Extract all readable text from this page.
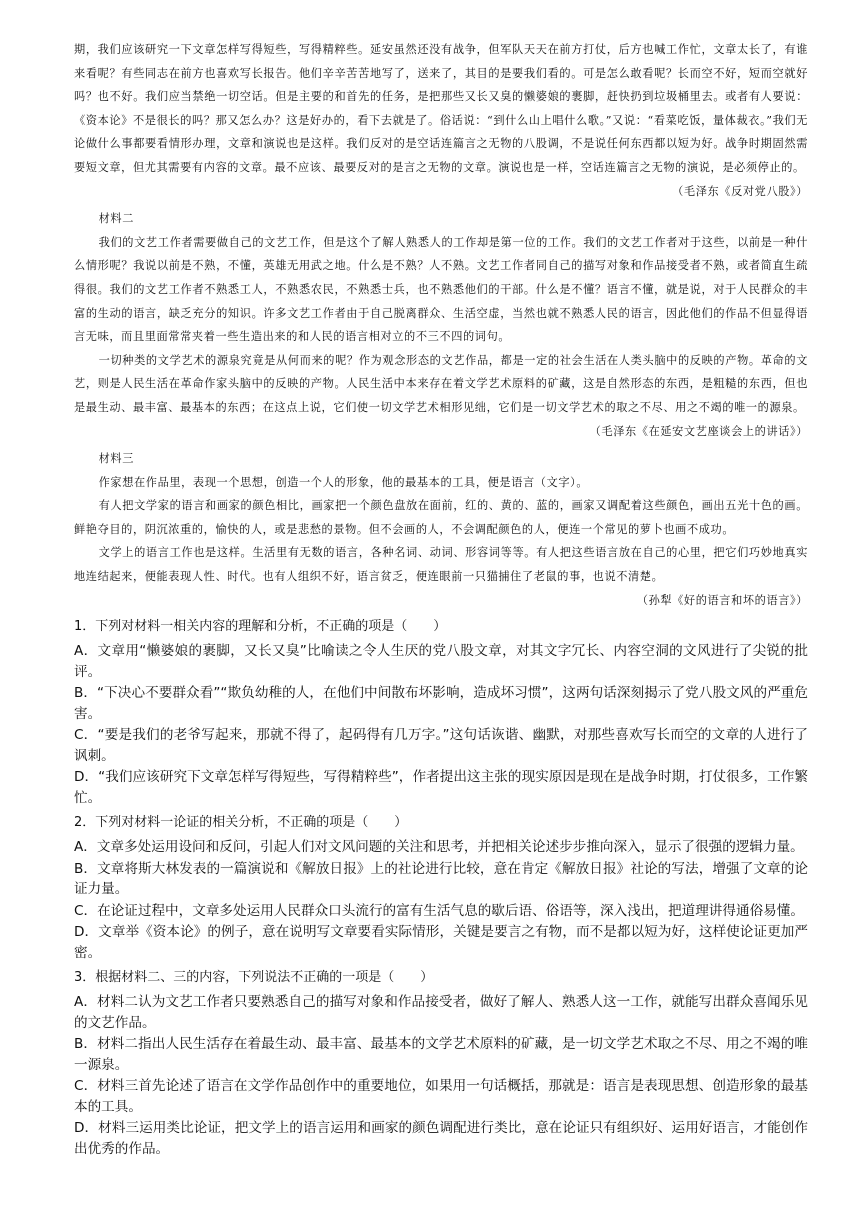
期，我们应该研究一下文章怎样写得短些，写得精粹些。延安虽然还没有战争，但军队天天在前方打仗，后方也喊工作忙，文章太长了，有谁来看呢？有些同志在前方也喜欢写长报告。他们辛辛苦苦地写了，送来了，其目的是要我们看的。可是怎么敢看呢？长而空不好，短而空就好吗？也不好。我们应当禁绝一切空话。但是主要的和首先的任务，是把那些又长又臭的懒婆娘的裹脚，赶快扔到垃圾桶里去。或者有人要说：《资本论》不是很长的吗？那又怎么办？这是好办的，看下去就是了。俗话说：“到什么山上唱什么歌。”又说：“看菜吃饭，量体裁衣。”我们无论做什么事都要看情形办理，文章和演说也是这样。我们反对的是空话连篇言之无物的八股调，不是说任何东西都以短为好。战争时期固然需要短文章，但尤其需要有内容的文章。最不应该、最要反对的是言之无物的文章。演说也是一样，空话连篇言之无物的演说，是必须停止的。

（毛泽东《反对党八股》）

材料二

我们的文艺工作者需要做自己的文艺工作，但是这个了解人熟悉人的工作却是第一位的工作。我们的文艺工作者对于这些，以前是一种什么情形呢？我说以前是不熟，不懂，英雄无用武之地。什么是不熟？人不熟。文艺工作者同自己的描写对象和作品接受者不熟，或者简直生疏得很。我们的文艺工作者不熟悉工人，不熟悉农民，不熟悉士兵，也不熟悉他们的干部。什么是不懂？语言不懂，就是说，对于人民群众的丰富的生动的语言，缺乏充分的知识。许多文艺工作者由于自己脱离群众、生活空虚，当然也就不熟悉人民的语言，因此他们的作品不但显得语言无味，而且里面常常夹着一些生造出来的和人民的语言相对立的不三不四的词句。

一切种类的文学艺术的源泉究竟是从何而来的呢？作为观念形态的文艺作品，都是一定的社会生活在人类头脑中的反映的产物。革命的文艺，则是人民生活在革命作家头脑中的反映的产物。人民生活中本来存在着文学艺术原料的矿藏，这是自然形态的东西，是粗糙的东西，但也是最生动、最丰富、最基本的东西；在这点上说，它们使一切文学艺术相形见绌，它们是一切文学艺术的取之不尽、用之不竭的唯一的源泉。

（毛泽东《在延安文艺座谈会上的讲话》）

材料三

作家想在作品里，表现一个思想，创造一个人的形象，他的最基本的工具，便是语言（文字）。

有人把文学家的语言和画家的颜色相比，画家把一个颜色盘放在面前，红的、黄的、蓝的，画家又调配着这些颜色，画出五光十色的画。鲜艳夺目的，阴沉浓重的，愉快的人，或是悲愁的景物。但不会画的人，不会调配颜色的人，便连一个常见的萝卜也画不成功。

文学上的语言工作也是这样。生活里有无数的语言，各种名词、动词、形容词等等。有人把这些语言放在自己的心里，把它们巧妙地真实地连结起来，便能表现人性、时代。也有人组织不好，语言贫乏，便连眼前一只猫捕住了老鼠的事，也说不清楚。

（孙犁《好的语言和坏的语言》）

1．下列对材料一相关内容的理解和分析，不正确的项是（　　）

A．文章用“懒婆娘的裹脚，又长又臭”比喻读之令人生厌的党八股文章，对其文字冗长、内容空洞的文风进行了尖锐的批评。

B．“下决心不要群众看”“欺负幼稚的人，在他们中间散布坏影响，造成坏习惯”，这两句话深刻揭示了党八股文风的严重危害。

C．“要是我们的老爷写起来，那就不得了，起码得有几万字。”这句话诙谐、幽默，对那些喜欢写长而空的文章的人进行了讽刺。

D．“我们应该研究下文章怎样写得短些，写得精粹些”，作者提出这主张的现实原因是现在是战争时期，打仗很多，工作繁忙。

2．下列对材料一论证的相关分析，不正确的项是（　　）

A．文章多处运用设问和反问，引起人们对文风问题的关注和思考，并把相关论述步步推向深入，显示了很强的逻辑力量。

B．文章将斯大林发表的一篇演说和《解放日报》上的社论进行比较，意在肯定《解放日报》社论的写法，增强了文章的论证力量。

C．在论证过程中，文章多处运用人民群众口头流行的富有生活气息的歇后语、俗语等，深入浅出，把道理讲得通俗易懂。

D．文章举《资本论》的例子，意在说明写文章要看实际情形，关键是要言之有物，而不是都以短为好，这样使论证更加严密。

3．根据材料二、三的内容，下列说法不正确的一项是（　　）

A．材料二认为文艺工作者只要熟悉自己的描写对象和作品接受者，做好了解人、熟悉人这一工作，就能写出群众喜闻乐见的文艺作品。

B．材料二指出人民生活存在着最生动、最丰富、最基本的文学艺术原料的矿藏，是一切文学艺术取之不尽、用之不竭的唯一源泉。

C．材料三首先论述了语言在文学作品创作中的重要地位，如果用一句话概括，那就是：语言是表现思想、创造形象的最基本的工具。

D．材料三运用类比论证，把文学上的语言运用和画家的颜色调配进行类比，意在论证只有组织好、运用好语言，才能创作出优秀的作品。
